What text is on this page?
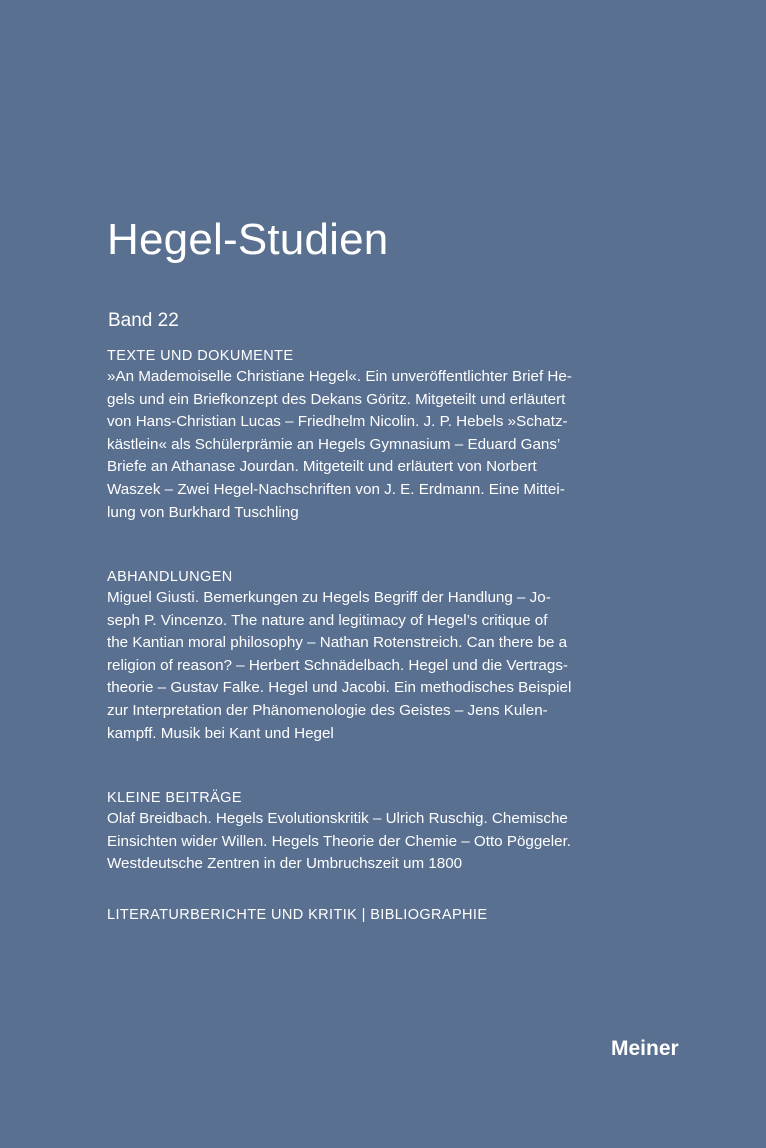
Hegel-Studien
Band 22
TEXTE UND DOKUMENTE
»An Mademoiselle Christiane Hegel«. Ein unveröffentlichter Brief He-
gels und ein Briefkonzept des Dekans Göritz. Mitgeteilt und erläutert
von Hans-Christian Lucas – Friedhelm Nicolin. J. P. Hebels »Schatz-
kästlein« als Schülerprämie an Hegels Gymnasium – Eduard Gans’
Briefe an Athanase Jourdan. Mitgeteilt und erläutert von Norbert
Waszek – Zwei Hegel-Nachschriften von J. E. Erdmann. Eine Mittei-
lung von Burkhard Tuschling
ABHANDLUNGEN
Miguel Giusti. Bemerkungen zu Hegels Begriff der Handlung – Jo-
seph P. Vincenzo. The nature and legitimacy of Hegel’s critique of
the Kantian moral philosophy – Nathan Rotenstreich. Can there be a
religion of reason? – Herbert Schnädelbach. Hegel und die Vertrags-
theorie – Gustav Falke. Hegel und Jacobi. Ein methodisches Beispiel
zur Interpretation der Phänomenologie des Geistes – Jens Kulen-
kampff. Musik bei Kant und Hegel
KLEINE BEITRÄGE
Olaf Breidbach. Hegels Evolutionskritik – Ulrich Ruschig. Chemische
Einsichten wider Willen. Hegels Theorie der Chemie – Otto Pöggeler.
Westdeutsche Zentren in der Umbruchszeit um 1800
LITERATURBERICHTE UND KRITIK | BIBLIOGRAPHIE
Meiner
